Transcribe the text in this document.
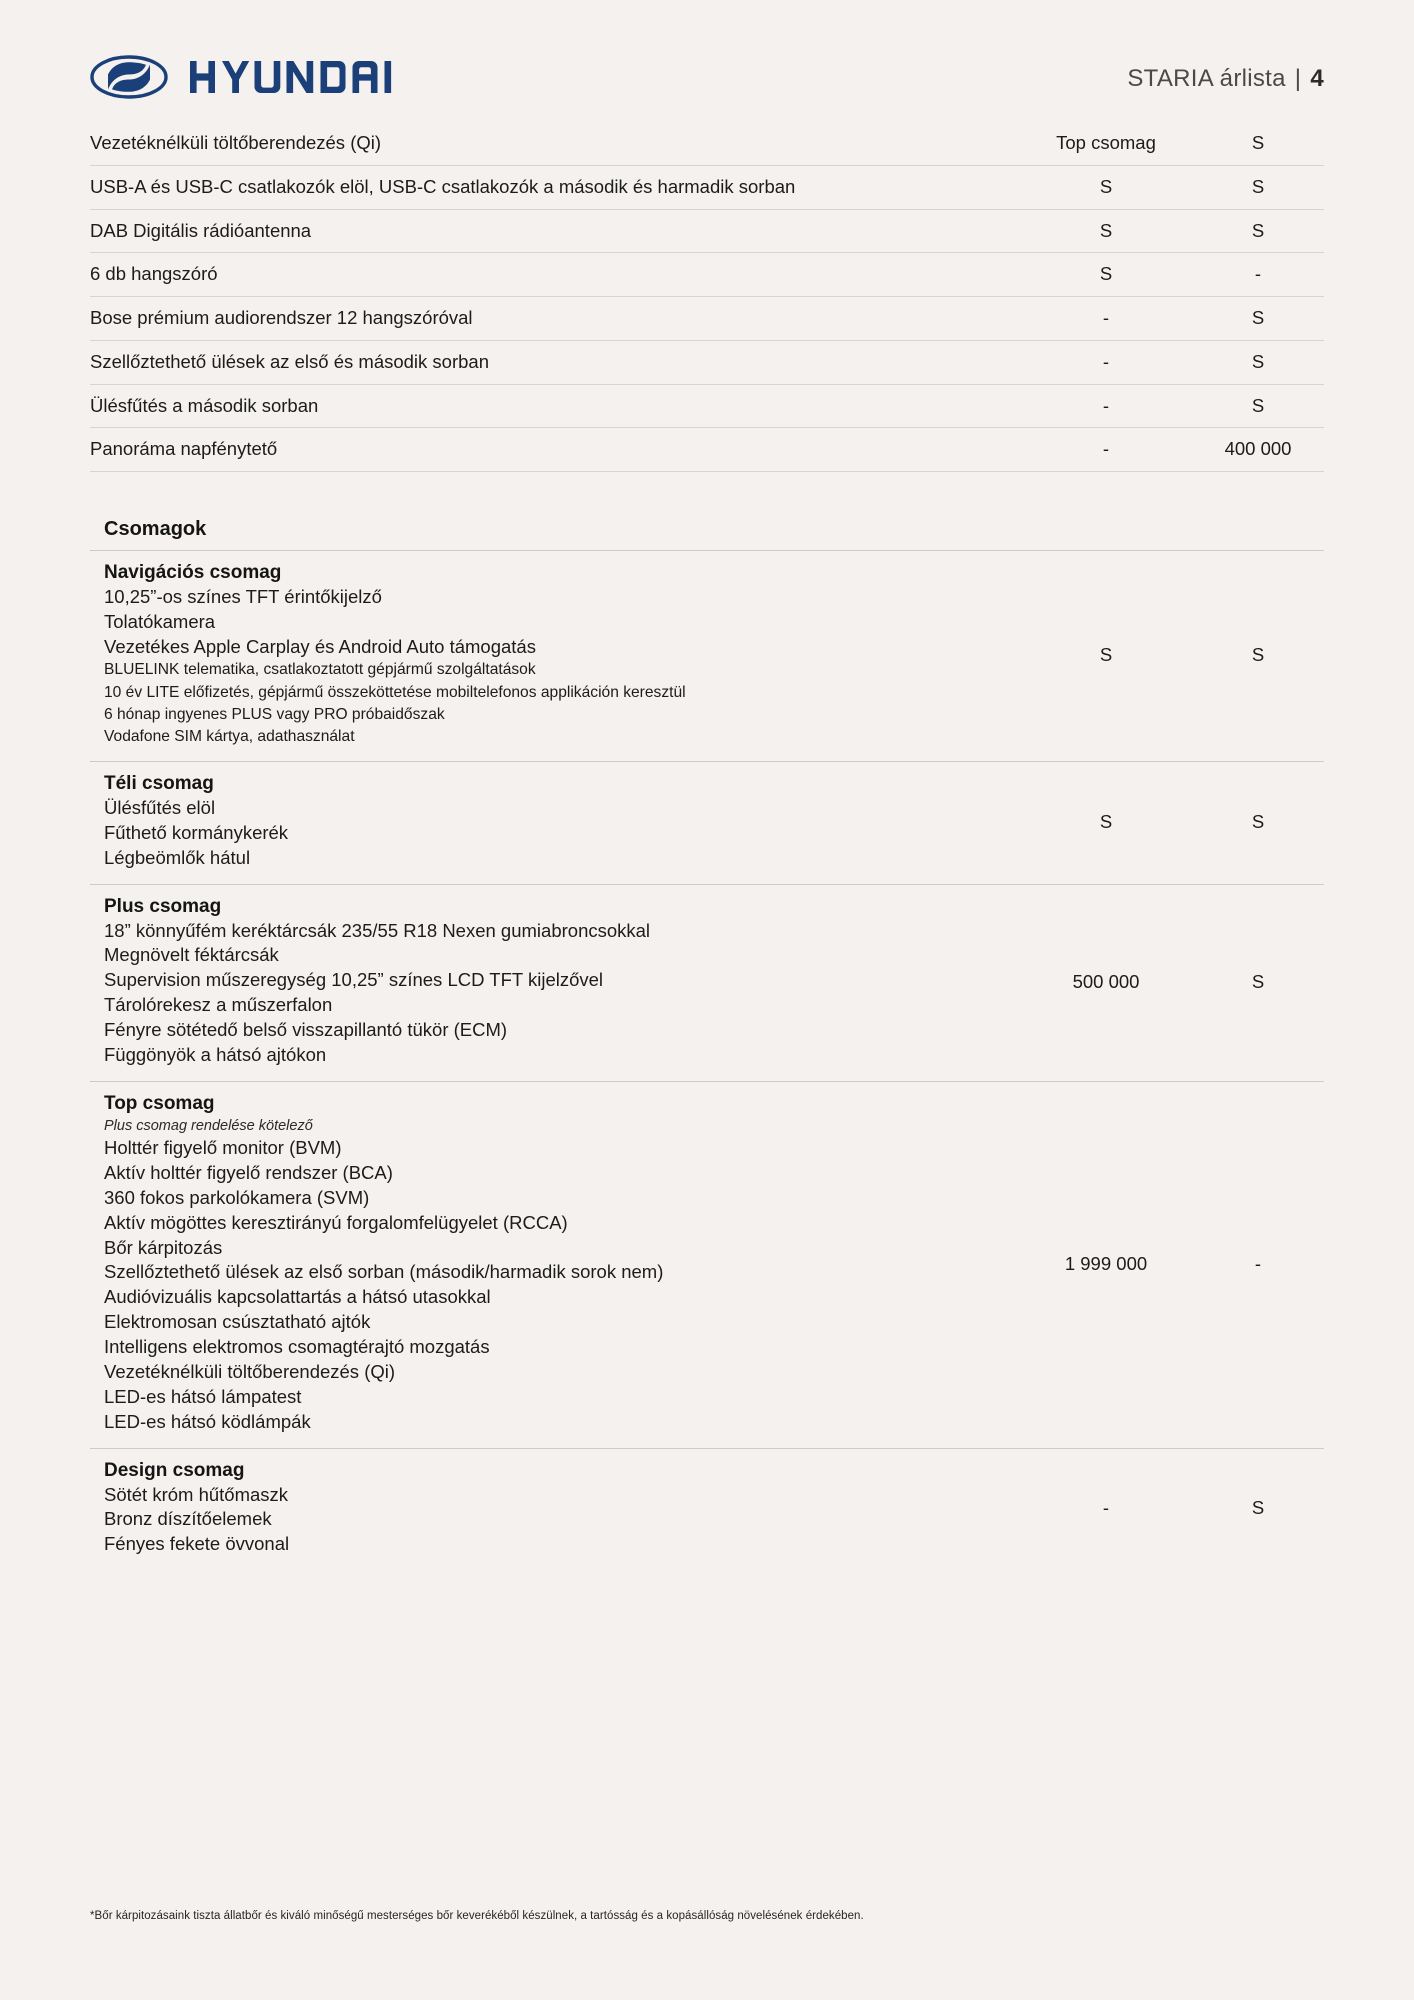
STARIA árlista | 4
Vezetéknélküli töltőberendezés (Qi)	Top csomag	S
USB-A és USB-C csatlakozók elöl, USB-C csatlakozók a második és harmadik sorban	S	S
DAB Digitális rádióantenna	S	S
6 db hangszóró	S	-
Bose prémium audiorendszer 12 hangszóróval	-	S
Szellőztethető ülések az első és második sorban	-	S
Ülésfűtés a második sorban	-	S
Panoráma napfénytető	-	400 000

Csomagok		

Navigációs csomag
10,25”-os színes TFT érintőkijelző
Tolatókamera
Vezetékes Apple Carplay és Android Auto támogatás
BLUELINK telematika, csatlakoztatott gépjármű szolgáltatások
10 év LITE előfizetés, gépjármű összeköttetése mobiltelefonos applikáción keresztül
6 hónap ingyenes PLUS vagy PRO próbaidőszak
Vodafone SIM kártya, adathasználat
	S	S

Téli csomag
Ülésfűtés elöl
Fűthető kormánykerék
Légbeömlők hátul	S	S

Plus csomag
18” könnyűfém keréktárcsák 235/55 R18 Nexen gumiabroncsokkal
Megnövelt féktárcsák
Supervision műszeregység 10,25” színes LCD TFT kijelzővel
Tárolórekesz a műszerfalon
Fényre sötétedő belső visszapillantó tükör (ECM)
Függönyök a hátsó ajtókon
	500 000	S

Top csomag
Plus csomag rendelése kötelező
Holttér figyelő monitor (BVM)
Aktív holttér figyelő rendszer (BCA)
360 fokos parkolókamera (SVM)
Aktív mögöttes keresztirányú forgalomfelügyelet (RCCA)
Bőr kárpitozás
Szellőztethető ülések az első sorban (második/harmadik sorok nem)
Audióvizuális kapcsolattartás a hátsó utasokkal
Elektromosan csúsztatható ajtók
Intelligens elektromos csomagtérajtó mozgatás
Vezetéknélküli töltőberendezés (Qi)
LED-es hátsó lámpatest
LED-es hátsó ködlámpák
	1 999 000	-

Design csomag
Sötét króm hűtőmaszk
Bronz díszítőelemek
Fényes fekete övvonal	-	S
*Bőr kárpitozásaink tiszta állatbőr és kiváló minőségű mesterséges bőr keverékéből készülnek, a tartósság és a kopásállóság növelésének érdekében.
